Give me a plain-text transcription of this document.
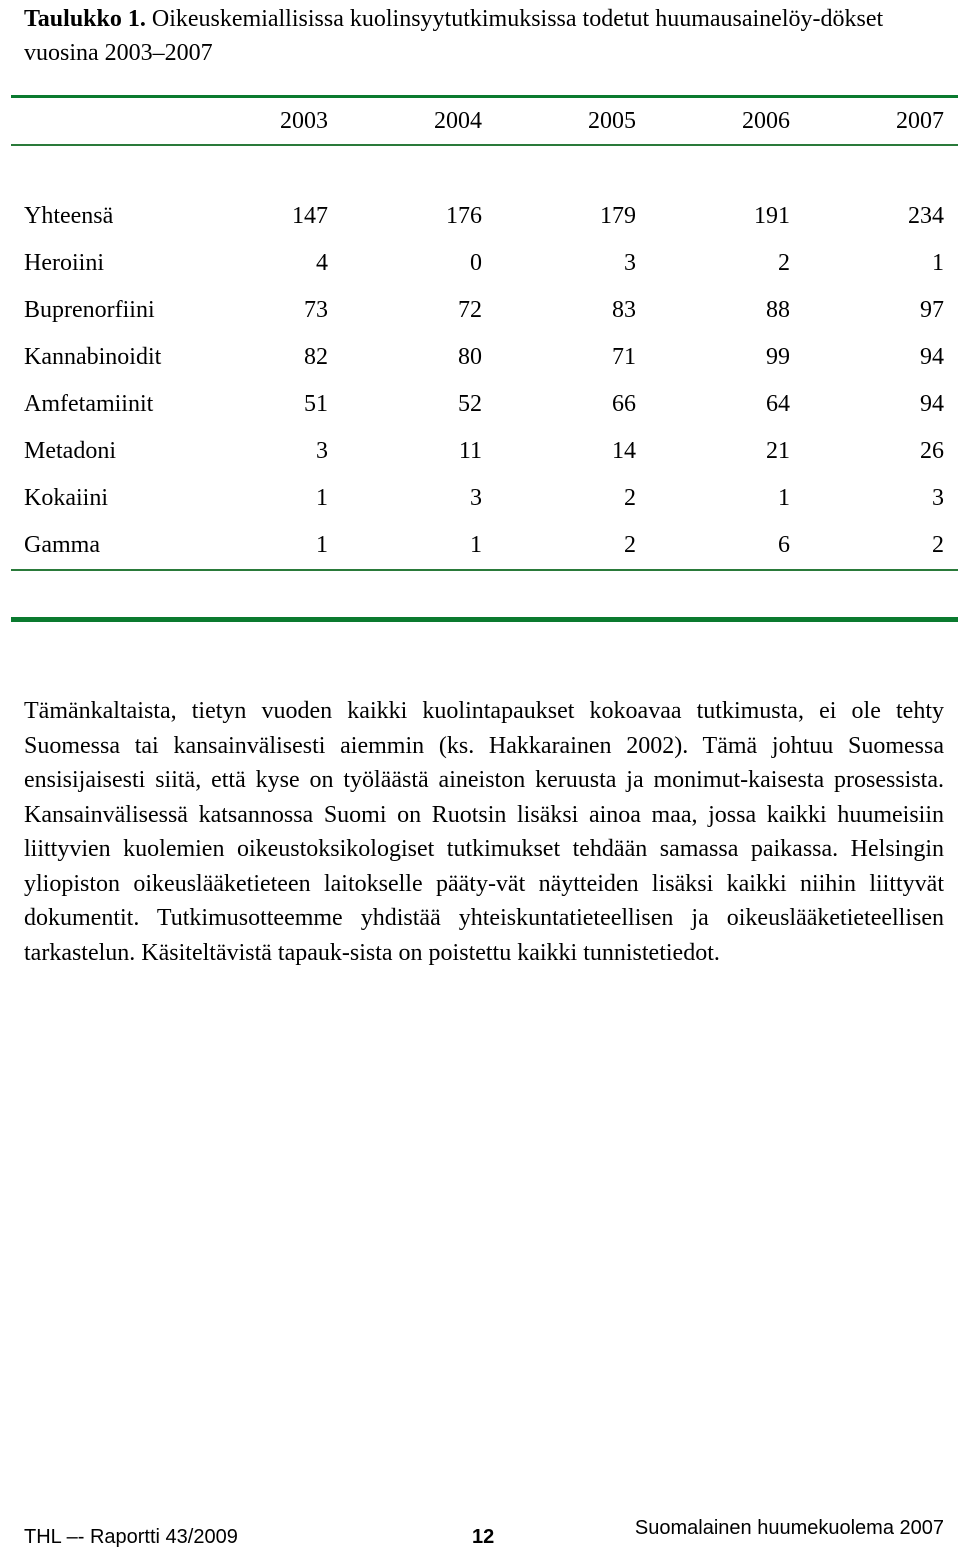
Taulukko 1. Oikeuskemiallisissa kuolinsyytutkimuksissa todetut huumausainelöy-dökset vuosina 2003–2007

	2003	2004	2005	2006	2007
Yhteensä	147	176	179	191	234
Heroiini	4	0	3	2	1
Buprenorfiini	73	72	83	88	97
Kannabinoidit	82	80	71	99	94
Amfetamiinit	51	52	66	64	94
Metadoni	3	11	14	21	26
Kokaiini	1	3	2	1	3
Gamma	1	1	2	6	2

Tämänkaltaista, tietyn vuoden kaikki kuolintapaukset kokoavaa tutkimusta, ei ole tehty Suomessa tai kansainvälisesti aiemmin (ks. Hakkarainen 2002). Tämä johtuu Suomessa ensisijaisesti siitä, että kyse on työläästä aineiston keruusta ja monimut-kaisesta prosessista. Kansainvälisessä katsannossa Suomi on Ruotsin lisäksi ainoa maa, jossa kaikki huumeisiin liittyvien kuolemien oikeustoksikologiset tutkimukset tehdään samassa paikassa. Helsingin yliopiston oikeuslääketieteen laitokselle pääty-vät näytteiden lisäksi kaikki niihin liittyvät dokumentit. Tutkimusotteemme yhdistää yhteiskuntatieteellisen ja oikeuslääketieteellisen tarkastelun. Käsiteltävistä tapauk-sista on poistettu kaikki tunnistetiedot.

THL –- Raportti 43/2009	12	Suomalainen huumekuolema 2007
